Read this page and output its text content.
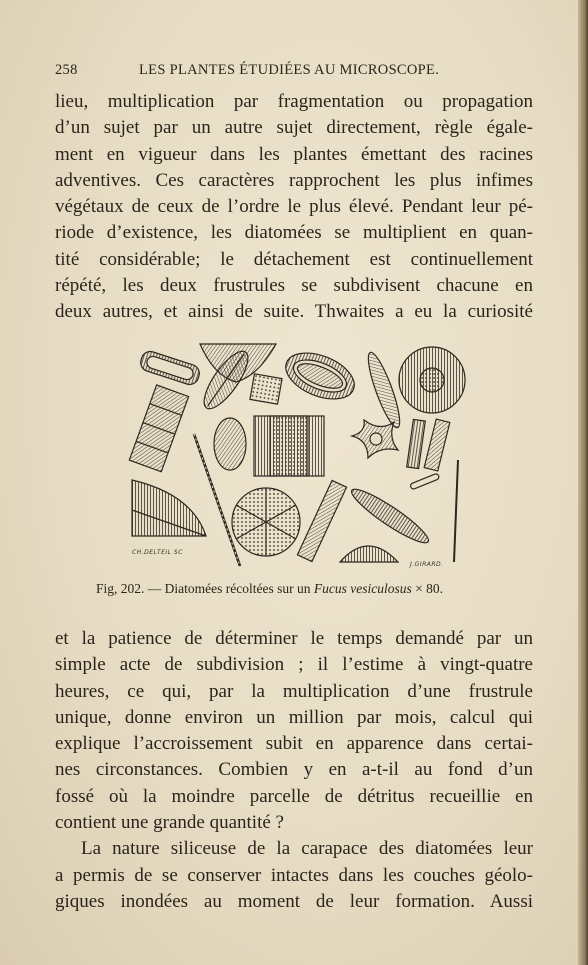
258	LES PLANTES ÉTUDIÉES AU MICROSCOPE.
lieu, multiplication par fragmentation ou propagation
d’un sujet par un autre sujet directement, règle égale-
ment en vigueur dans les plantes émettant des racines
adventives. Ces caractères rapprochent les plus infimes
végétaux de ceux de l’ordre le plus élevé. Pendant leur pé-
riode d’existence, les diatomées se multiplient en quan-
tité considérable; le détachement est continuellement
répété, les deux frustrules se subdivisent chacune en
deux autres, et ainsi de suite. Thwaites a eu la curiosité
CH.DELTEIL SC
J.GIRARD.
Fig, 202. — Diatomées récoltées sur un Fucus vesiculosus × 80.
et la patience de déterminer le temps demandé par un
simple acte de subdivision ; il l’estime à vingt-quatre
heures, ce qui, par la multiplication d’une frustrule
unique, donne environ un million par mois, calcul qui
explique l’accroissement subit en apparence dans certai-
nes circonstances. Combien y en a-t-il au fond d’un
fossé où la moindre parcelle de détritus recueillie en
contient une grande quantité ?
La nature siliceuse de la carapace des diatomées leur
a permis de se conserver intactes dans les couches géolo-
giques inondées au moment de leur formation. Aussi
